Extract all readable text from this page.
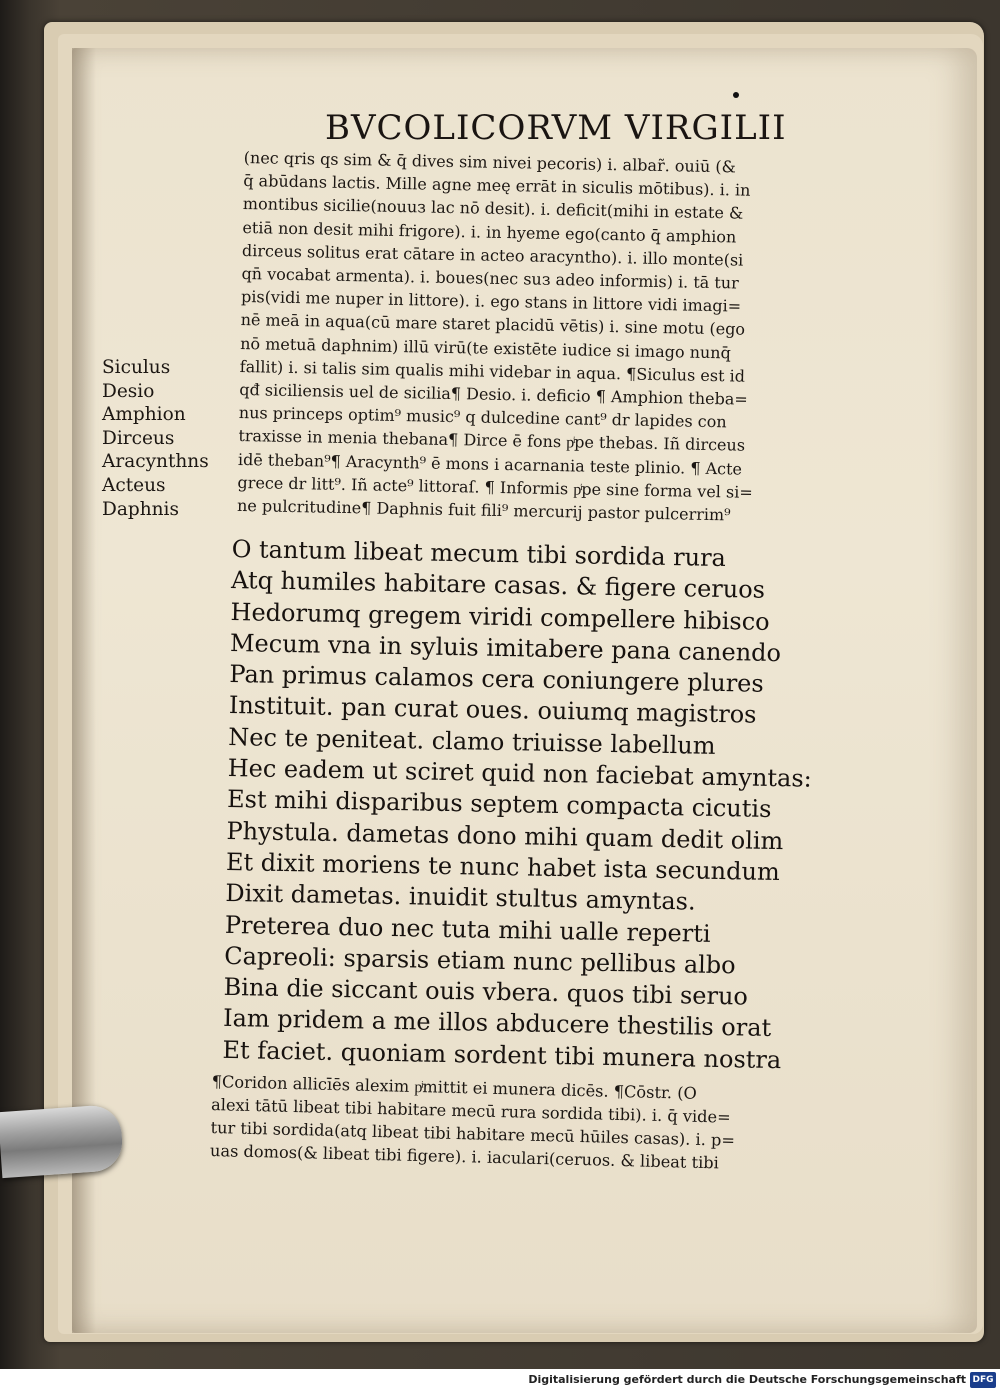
BVCOLICORVM VIRGILII
(nec qris qs sim & q̄ dives sim nivei pecoris) i. albar̃. ouiū (&
q̄ abūdans lactis. Mille agne meę errāt in siculis mōtibus). i. in
montibus sicilie(nouuз lac nō desit). i. deficit(mihi in estate &
etiā non desit mihi frigore). i. in hyeme ego(canto q̄ amphion
dirceus solitus erat cātare in acteo aracyntho). i. illo monte(si
qn̄ vocabat armenta). i. boues(nec suз adeo informis) i. tā tur
pis(vidi me nuper in littore). i. ego stans in littore vidi imagi=
nē meā in aqua(cū mare staret placidū vētis) i. sine motu (ego
nō metuā daphnim) illū virū(te existēte iudice si imago nunq̄
fallit) i. si talis sim qualis mihi videbar in aqua. ¶Siculus est id
qđ siciliensis uel de sicilia¶ Desio. i. deficio ¶ Amphion theba=
nus princeps optim⁹ music⁹ q dulcedine cant⁹ dr lapides con
traxisse in menia thebana¶ Dirce ē fons pͥpe thebas. Iñ dirceus
idē theban⁹¶ Aracynth⁹ ē mons i acarnania teste plinio. ¶ Acte
grece dr litt⁹. Iñ acte⁹ littoraſ. ¶ Informis pͥpe sine forma vel si=
ne pulcritudine¶ Daphnis fuit fili⁹ mercurij pastor pulcerrim⁹
Siculus
Desio
Amphion
Dirceus
Aracynthns
Acteus
Daphnis
O tantum libeat mecum tibi sordida rura
Atq humiles habitare casas. & figere ceruos
Hedorumq gregem viridi compellere hibisco
Mecum vna in syluis imitabere pana canendo
Pan primus calamos cera coniungere plures
Instituit. pan curat oues. ouiumq magistros
Nec te peniteat. clamo triuisse labellum
Hec eadem ut sciret quid non faciebat amyntas:
Est mihi disparibus septem compacta cicutis
Phystula. dametas dono mihi quam dedit olim
Et dixit moriens te nunc habet ista secundum
Dixit dametas. inuidit stultus amyntas.
Preterea duo nec tuta mihi ualle reperti
Capreoli: sparsis etiam nunc pellibus albo
Bina die siccant ouis vbera. quos tibi seruo
Iam pridem a me illos abducere thestilis orat
Et faciet. quoniam sordent tibi munera nostra
¶Coridon allicīēs alexim pͥmittit ei munera dicēs. ¶Cōstr. (O
alexi tātū libeat tibi habitare mecū rura sordida tibi). i. q̄ vide=
tur tibi sordida(atq libeat tibi habitare mecū hūiles casas). i. p=
uas domos(& libeat tibi figere). i. iaculari(ceruos. & libeat tibi
Digitalisierung gefördert durch die Deutsche Forschungsgemeinschaft DFG
